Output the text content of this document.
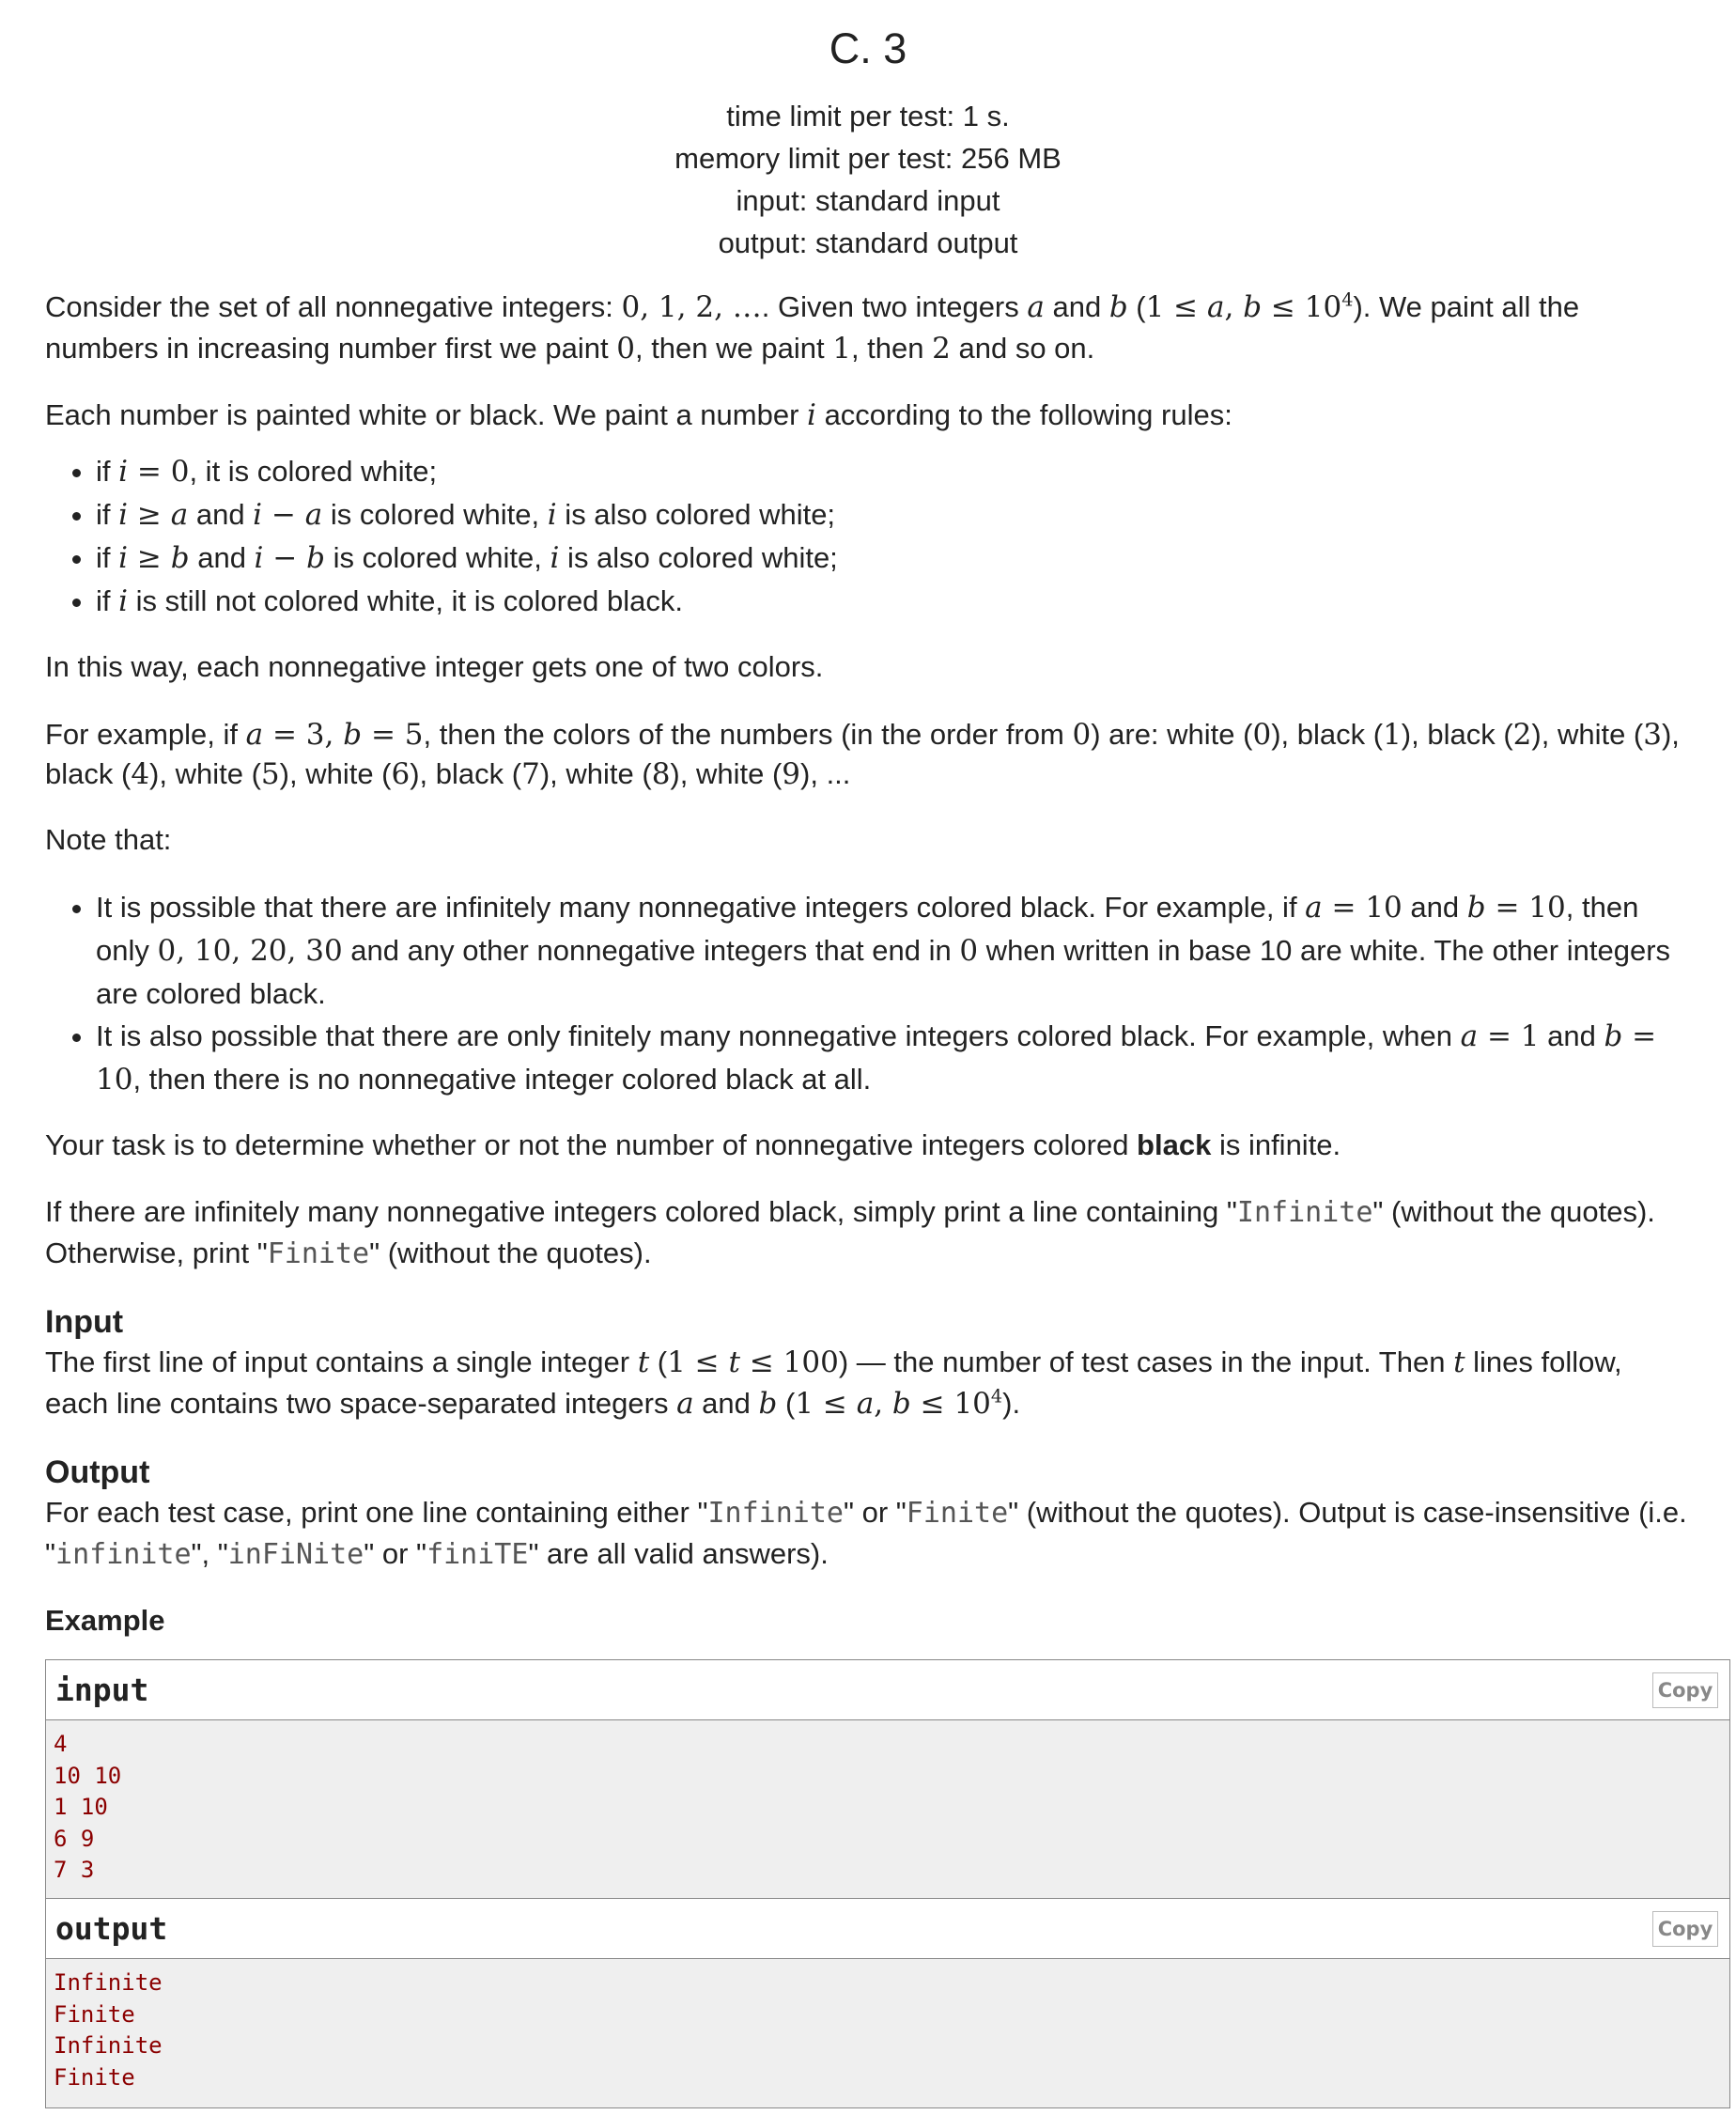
C. 3
time limit per test: 1 s.
memory limit per test: 256 MB
input: standard input
output: standard output

Consider the set of all nonnegative integers: 0, 1, 2, …. Given two integers a and b (1 ≤ a, $b \le 10^4$). We paint all the numbers in increasing number first we paint 0, then we paint 1, then 2 and so on.

Each number is painted white or black. We paint a number i according to the following rules:

• if i = 0, it is colored white;
• if i ≥ a and i − a is colored white, i is also colored white;
• if i ≥ b and i − b is colored white, i is also colored white;
• if i is still not colored white, it is colored black.

In this way, each nonnegative integer gets one of two colors.

For example, if a = 3, b = 5, then the colors of the numbers (in the order from 0) are: white (0), black (1), black (2), white (3), black (4), white (5), white (6), black (7), white (8), white (9), ...

Note that:

• It is possible that there are infinitely many nonnegative integers colored black. For example, if a = 10 and b = 10, then only 0, 10, 20, 30 and any other nonnegative integers that end in 0 when written in base 10 are white. The other integers are colored black.
• It is also possible that there are only finitely many nonnegative integers colored black. For example, when a = 1 and b = 10, then there is no nonnegative integer colored black at all.

Your task is to determine whether or not the number of nonnegative integers colored black is infinite.

If there are infinitely many nonnegative integers colored black, simply print a line containing "Infinite" (without the quotes). Otherwise, print "Finite" (without the quotes).

Input

The first line of input contains a single integer t (1 ≤ t ≤ 100) — the number of test cases in the input. Then t lines follow, each line contains two space-separated integers a and b (1 ≤ a, $b \le 10^4$).

Output

For each test case, print one line containing either "Infinite" or "Finite" (without the quotes). Output is case-insensitive (i.e. "infinite", "inFiNite" or "finiTE" are all valid answers).

Example
input	Copy
4
10 10
1 10
6 9
7 3
output	Copy
Infinite
Finite
Infinite
Finite
